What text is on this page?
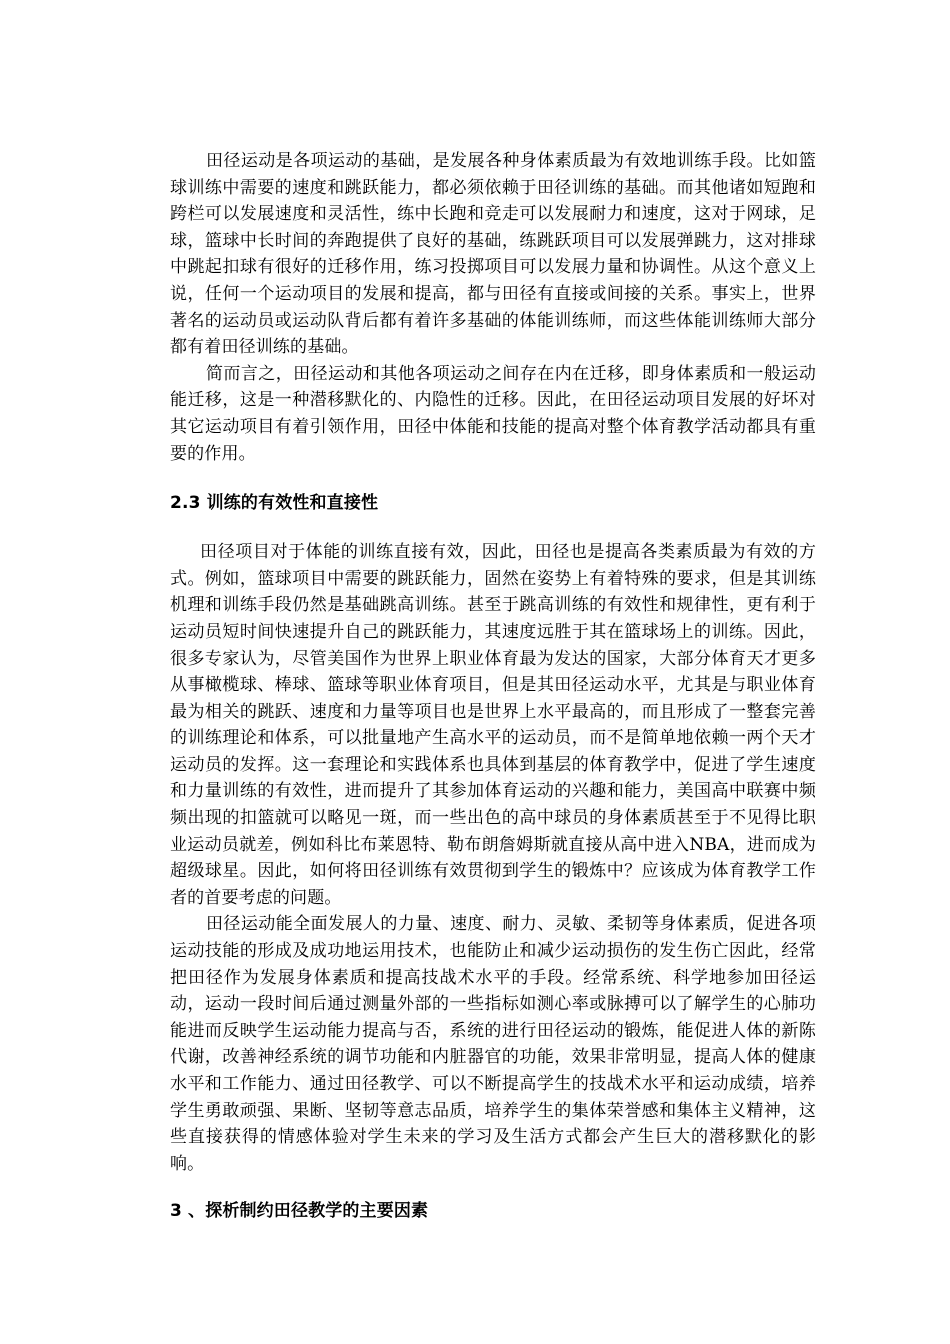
田径运动是各项运动的基础，是发展各种身体素质最为有效地训练手段。比如篮球训练中需要的速度和跳跃能力，都必须依赖于田径训练的基础。而其他诸如短跑和跨栏可以发展速度和灵活性，练中长跑和竞走可以发展耐力和速度，这对于网球，足球，篮球中长时间的奔跑提供了良好的基础，练跳跃项目可以发展弹跳力，这对排球中跳起扣球有很好的迁移作用，练习投掷项目可以发展力量和协调性。从这个意义上说，任何一个运动项目的发展和提高，都与田径有直接或间接的关系。事实上，世界著名的运动员或运动队背后都有着许多基础的体能训练师，而这些体能训练师大部分都有着田径训练的基础。

简而言之，田径运动和其他各项运动之间存在内在迁移，即身体素质和一般运动能迁移，这是一种潜移默化的、内隐性的迁移。因此，在田径运动项目发展的好坏对其它运动项目有着引领作用，田径中体能和技能的提高对整个体育教学活动都具有重要的作用。

2.3 训练的有效性和直接性

田径项目对于体能的训练直接有效，因此，田径也是提高各类素质最为有效的方式。例如，篮球项目中需要的跳跃能力，固然在姿势上有着特殊的要求，但是其训练机理和训练手段仍然是基础跳高训练。甚至于跳高训练的有效性和规律性，更有利于运动员短时间快速提升自己的跳跃能力，其速度远胜于其在篮球场上的训练。因此，很多专家认为，尽管美国作为世界上职业体育最为发达的国家，大部分体育天才更多从事橄榄球、棒球、篮球等职业体育项目，但是其田径运动水平，尤其是与职业体育最为相关的跳跃、速度和力量等项目也是世界上水平最高的，而且形成了一整套完善的训练理论和体系，可以批量地产生高水平的运动员，而不是简单地依赖一两个天才运动员的发挥。这一套理论和实践体系也具体到基层的体育教学中，促进了学生速度和力量训练的有效性，进而提升了其参加体育运动的兴趣和能力，美国高中联赛中频频出现的扣篮就可以略见一斑，而一些出色的高中球员的身体素质甚至于不见得比职业运动员就差，例如科比布莱恩特、勒布朗詹姆斯就直接从高中进入NBA，进而成为超级球星。因此，如何将田径训练有效贯彻到学生的锻炼中？应该成为体育教学工作者的首要考虑的问题。

田径运动能全面发展人的力量、速度、耐力、灵敏、柔韧等身体素质，促进各项运动技能的形成及成功地运用技术，也能防止和减少运动损伤的发生伤亡因此，经常把田径作为发展身体素质和提高技战术水平的手段。经常系统、科学地参加田径运动，运动一段时间后通过测量外部的一些指标如测心率或脉搏可以了解学生的心肺功能进而反映学生运动能力提高与否，系统的进行田径运动的锻炼，能促进人体的新陈代谢，改善神经系统的调节功能和内脏器官的功能，效果非常明显，提高人体的健康水平和工作能力、通过田径教学、可以不断提高学生的技战术水平和运动成绩，培养学生勇敢顽强、果断、坚韧等意志品质，培养学生的集体荣誉感和集体主义精神，这些直接获得的情感体验对学生未来的学习及生活方式都会产生巨大的潜移默化的影响。

3 、探析制约田径教学的主要因素
